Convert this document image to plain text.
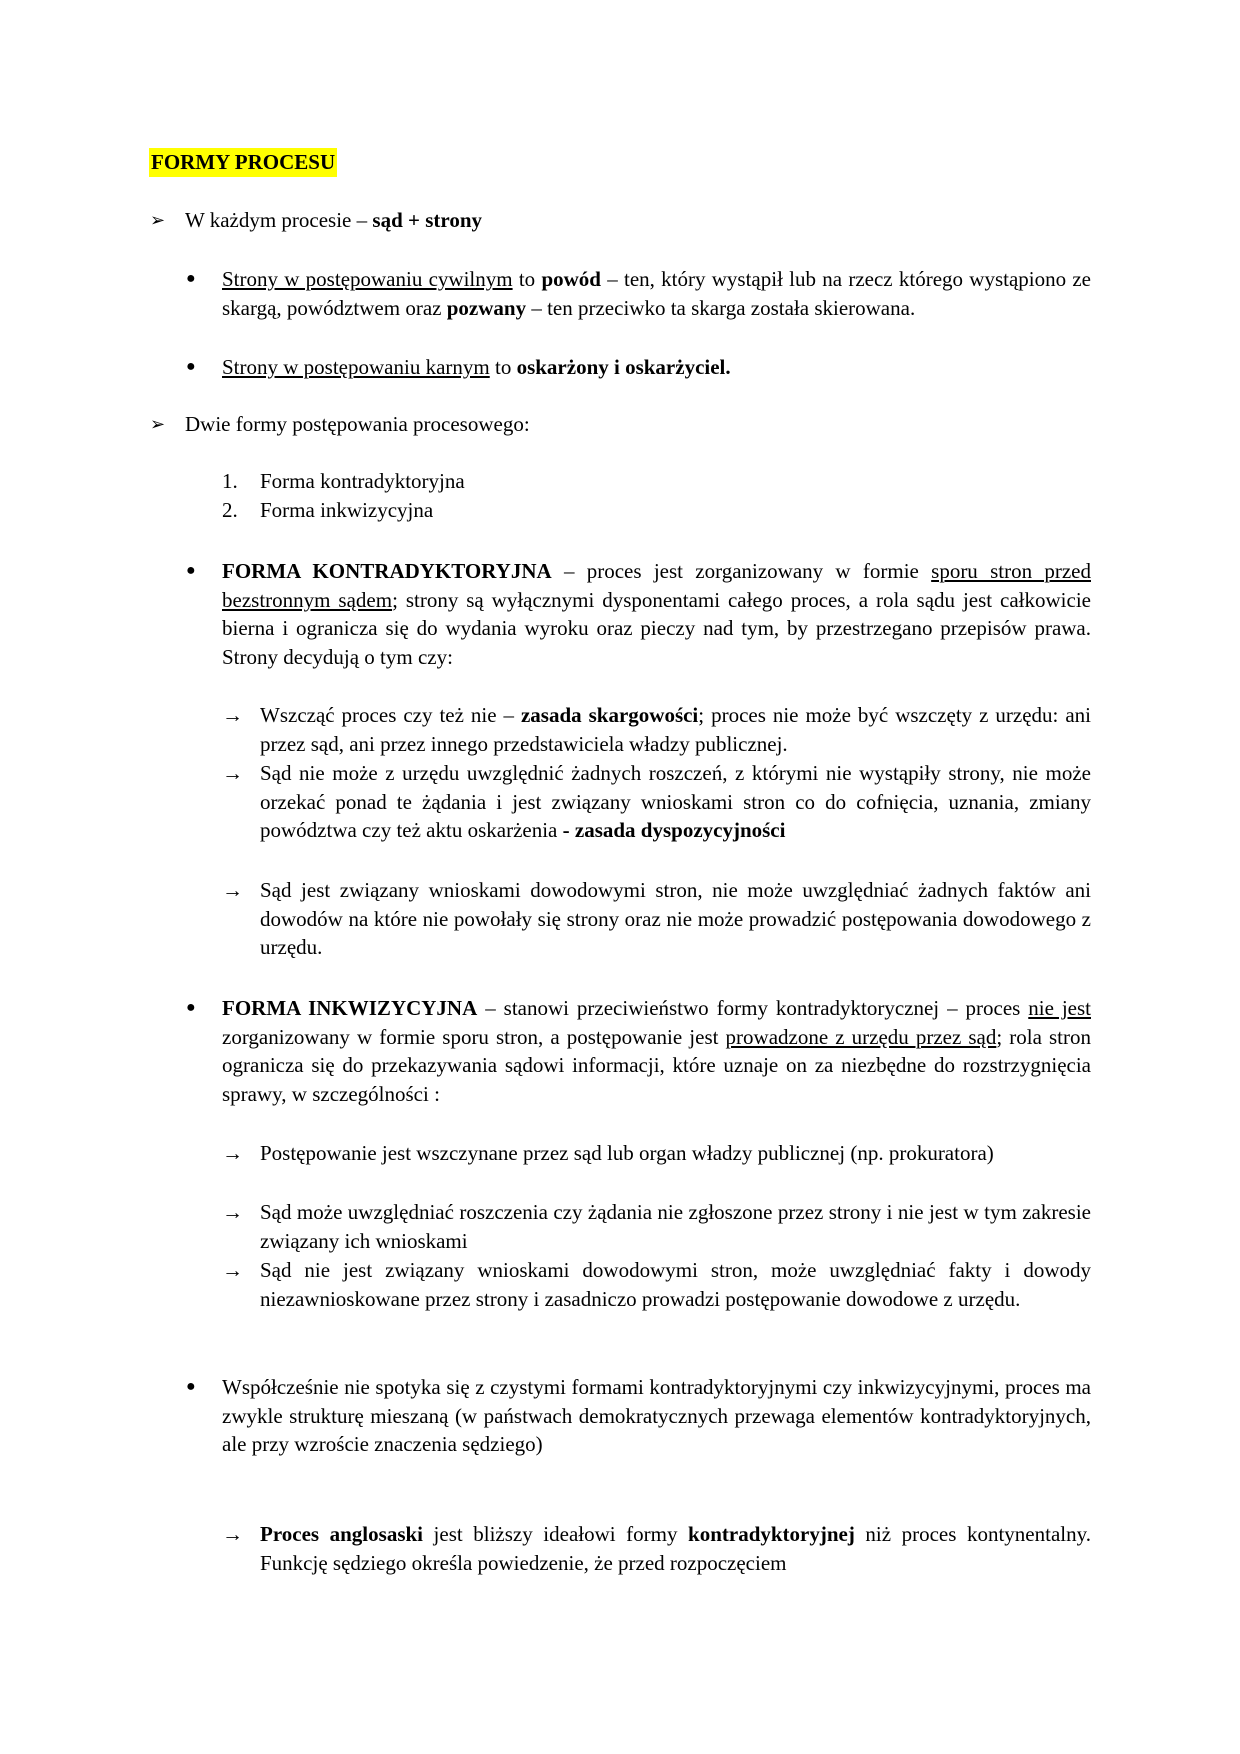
FORMY PROCESU
➢ W każdym procesie – sąd + strony
● Strony w postępowaniu cywilnym to powód – ten, który wystąpił lub na rzecz którego wystąpiono ze skargą, powództwem oraz pozwany – ten przeciwko ta skarga została skierowana.
● Strony w postępowaniu karnym to oskarżony i oskarżyciel.
➢ Dwie formy postępowania procesowego:
1. Forma kontradyktoryjna
2. Forma inkwizycyjna
● FORMA KONTRADYKTORYJNA – proces jest zorganizowany w formie sporu stron przed bezstronnym sądem; strony są wyłącznymi dysponentami całego proces, a rola sądu jest całkowicie bierna i ogranicza się do wydania wyroku oraz pieczy nad tym, by przestrzegano przepisów prawa. Strony decydują o tym czy:
→ Wszcząć proces czy też nie – zasada skargowości; proces nie może być wszczęty z urzędu: ani przez sąd, ani przez innego przedstawiciela władzy publicznej.
→ Sąd nie może z urzędu uwzględnić żadnych roszczeń, z którymi nie wystąpiły strony, nie może orzekać ponad te żądania i jest związany wnioskami stron co do cofnięcia, uznania, zmiany powództwa czy też aktu oskarżenia - zasada dyspozycyjności
→ Sąd jest związany wnioskami dowodowymi stron, nie może uwzględniać żadnych faktów ani dowodów na które nie powołały się strony oraz nie może prowadzić postępowania dowodowego z urzędu.
● FORMA INKWIZYCYJNA – stanowi przeciwieństwo formy kontradyktorycznej – proces nie jest zorganizowany w formie sporu stron, a postępowanie jest prowadzone z urzędu przez sąd; rola stron ogranicza się do przekazywania sądowi informacji, które uznaje on za niezbędne do rozstrzygnięcia sprawy, w szczególności :
→ Postępowanie jest wszczynane przez sąd lub organ władzy publicznej (np. prokuratora)
→ Sąd może uwzględniać roszczenia czy żądania nie zgłoszone przez strony i nie jest w tym zakresie związany ich wnioskami
→ Sąd nie jest związany wnioskami dowodowymi stron, może uwzględniać fakty i dowody niezawnioskowane przez strony i zasadniczo prowadzi postępowanie dowodowe z urzędu.
● Współcześnie nie spotyka się z czystymi formami kontradyktoryjnymi czy inkwizycyjnymi, proces ma zwykle strukturę mieszaną (w państwach demokratycznych przewaga elementów kontradyktoryjnych, ale przy wzroście znaczenia sędziego)
→ Proces anglosaski jest bliższy ideałowi formy kontradyktoryjnej niż proces kontynentalny. Funkcję sędziego określa powiedzenie, że przed rozpoczęciem
